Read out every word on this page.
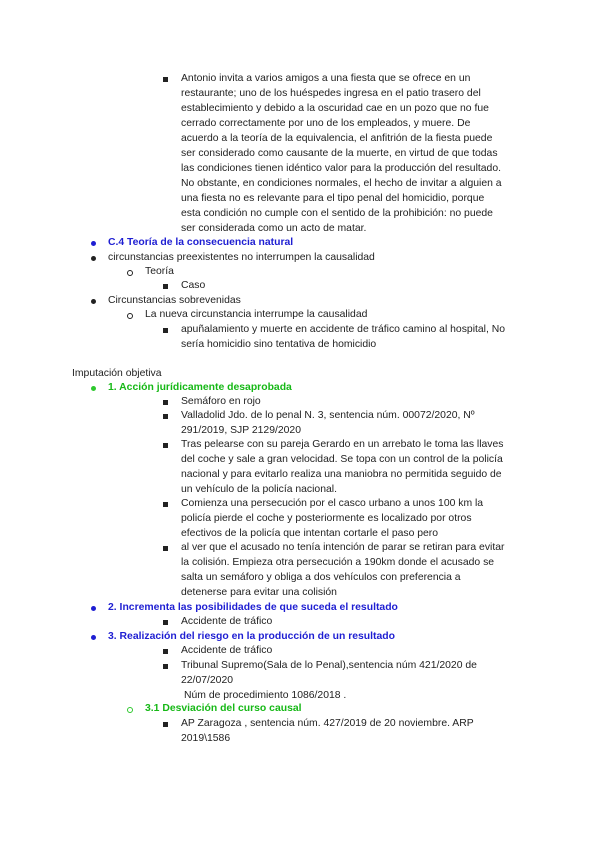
Antonio invita a varios amigos a una fiesta que se ofrece en un
restaurante; uno de los huéspedes ingresa en el patio trasero del
establecimiento y debido a la oscuridad cae en un pozo que no fue
cerrado correctamente por uno de los empleados, y muere. De
acuerdo a la teoría de la equivalencia, el anfitrión de la fiesta puede
ser considerado como causante de la muerte, en virtud de que todas
las condiciones tienen idéntico valor para la producción del resultado.
No obstante, en condiciones normales, el hecho de invitar a alguien a
una fiesta no es relevante para el tipo penal del homicidio, porque
esta condición no cumple con el sentido de la prohibición: no puede
ser considerada como un acto de matar.
C.4 Teoría de la consecuencia natural
circunstancias preexistentes no interrumpen la causalidad
Teoría
Caso
Circunstancias sobrevenidas
La nueva circunstancia interrumpe la causalidad
apuñalamiento y muerte en accidente de tráfico camino al hospital, No
sería homicidio sino tentativa de homicidio
Imputación objetiva
1. Acción jurídicamente desaprobada
Semáforo en rojo
Valladolid Jdo. de lo penal N. 3, sentencia núm. 00072/2020, Nº
291/2019, SJP 2129/2020
Tras pelearse con su pareja Gerardo en un arrebato le toma las llaves
del coche y sale a gran velocidad. Se topa con un control de la policía
nacional y para evitarlo realiza una maniobra no permitida seguido de
un vehículo de la policía nacional.
Comienza una persecución por el casco urbano a unos 100 km la
policía pierde el coche y posteriormente es localizado por otros
efectivos de la policía que intentan cortarle el paso pero
al ver que el acusado no tenía intención de parar se retiran para evitar
la colisión. Empieza otra persecución a 190km donde el acusado se
salta un semáforo y obliga a dos vehículos con preferencia a
detenerse para evitar una colisión
2. Incrementa las posibilidades de que suceda el resultado
Accidente de tráfico
3. Realización del riesgo en la producción de un resultado
Accidente de tráfico
Tribunal Supremo(Sala de lo Penal),sentencia núm 421/2020 de
22/07/2020
Núm de procedimiento 1086/2018 .
3.1 Desviación del curso causal
AP Zaragoza , sentencia núm. 427/2019 de 20 noviembre. ARP
2019\1586
